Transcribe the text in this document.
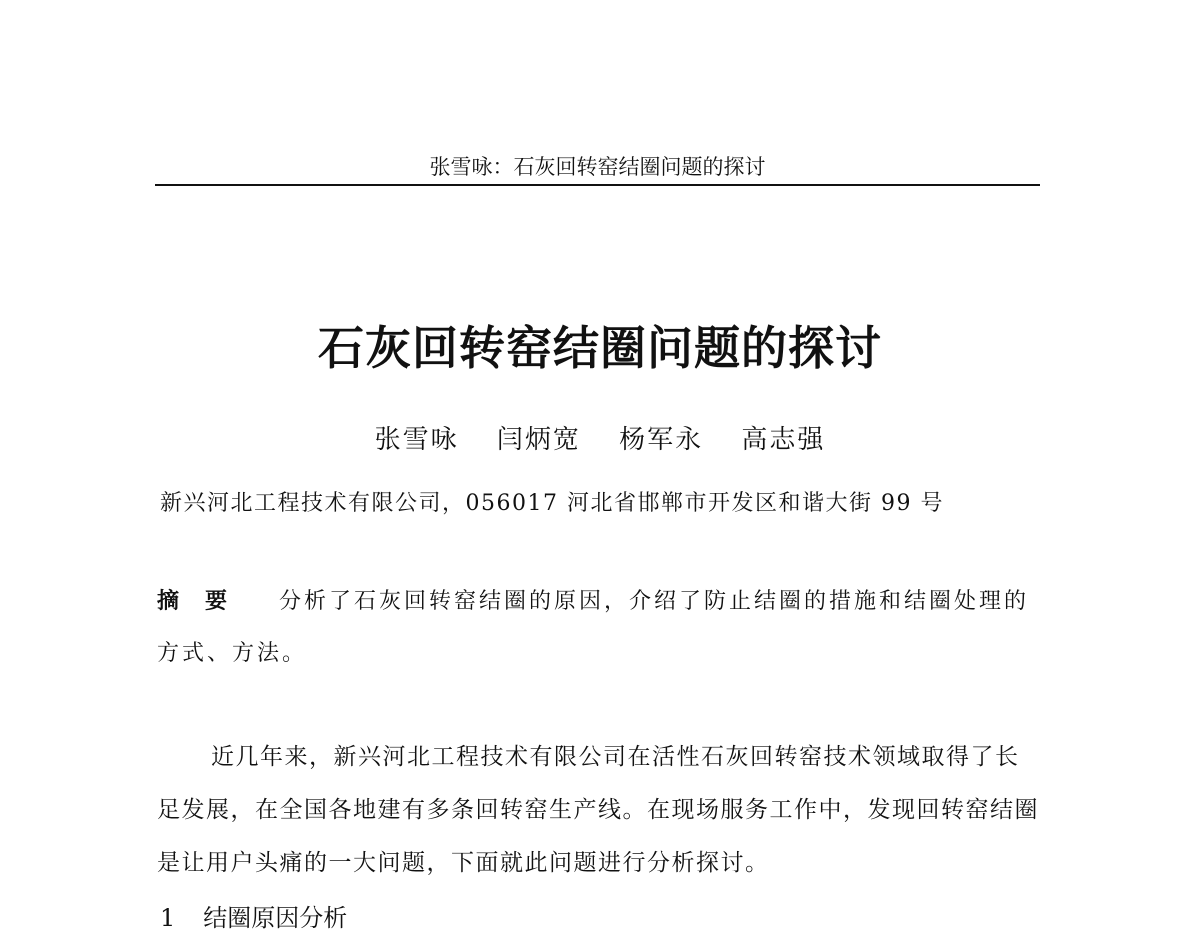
张雪咏：石灰回转窑结圈问题的探讨
石灰回转窑结圈问题的探讨
张雪咏 闫炳宽 杨军永 高志强
新兴河北工程技术有限公司，056017 河北省邯郸市开发区和谐大街 99 号
摘要 分析了石灰回转窑结圈的原因，介绍了防止结圈的措施和结圈处理的方式、方法。

近几年来，新兴河北工程技术有限公司在活性石灰回转窑技术领域取得了长足发展，在全国各地建有多条回转窑生产线。在现场服务工作中，发现回转窑结圈是让用户头痛的一大问题，下面就此问题进行分析探讨。

1 结圈原因分析
